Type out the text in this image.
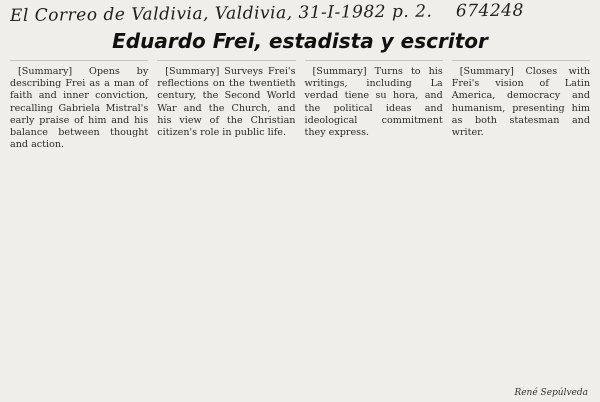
El Correo de Valdivia, Valdivia, 31-I-1982 p. 2. 674248
Eduardo Frei, estadista y escritor

[Summary] Opens by describing Frei as a man of faith and inner conviction, recalling Gabriela Mistral's early praise of him and his balance between thought and action.

[Summary] Surveys Frei's reflections on the twentieth century, the Second World War and the Church, and his view of the Christian citizen's role in public life.

[Summary] Turns to his writings, including La verdad tiene su hora, and the political ideas and ideological commitment they express.

[Summary] Closes with Frei's vision of Latin America, democracy and humanism, presenting him as both statesman and writer.

René Sepúlveda
